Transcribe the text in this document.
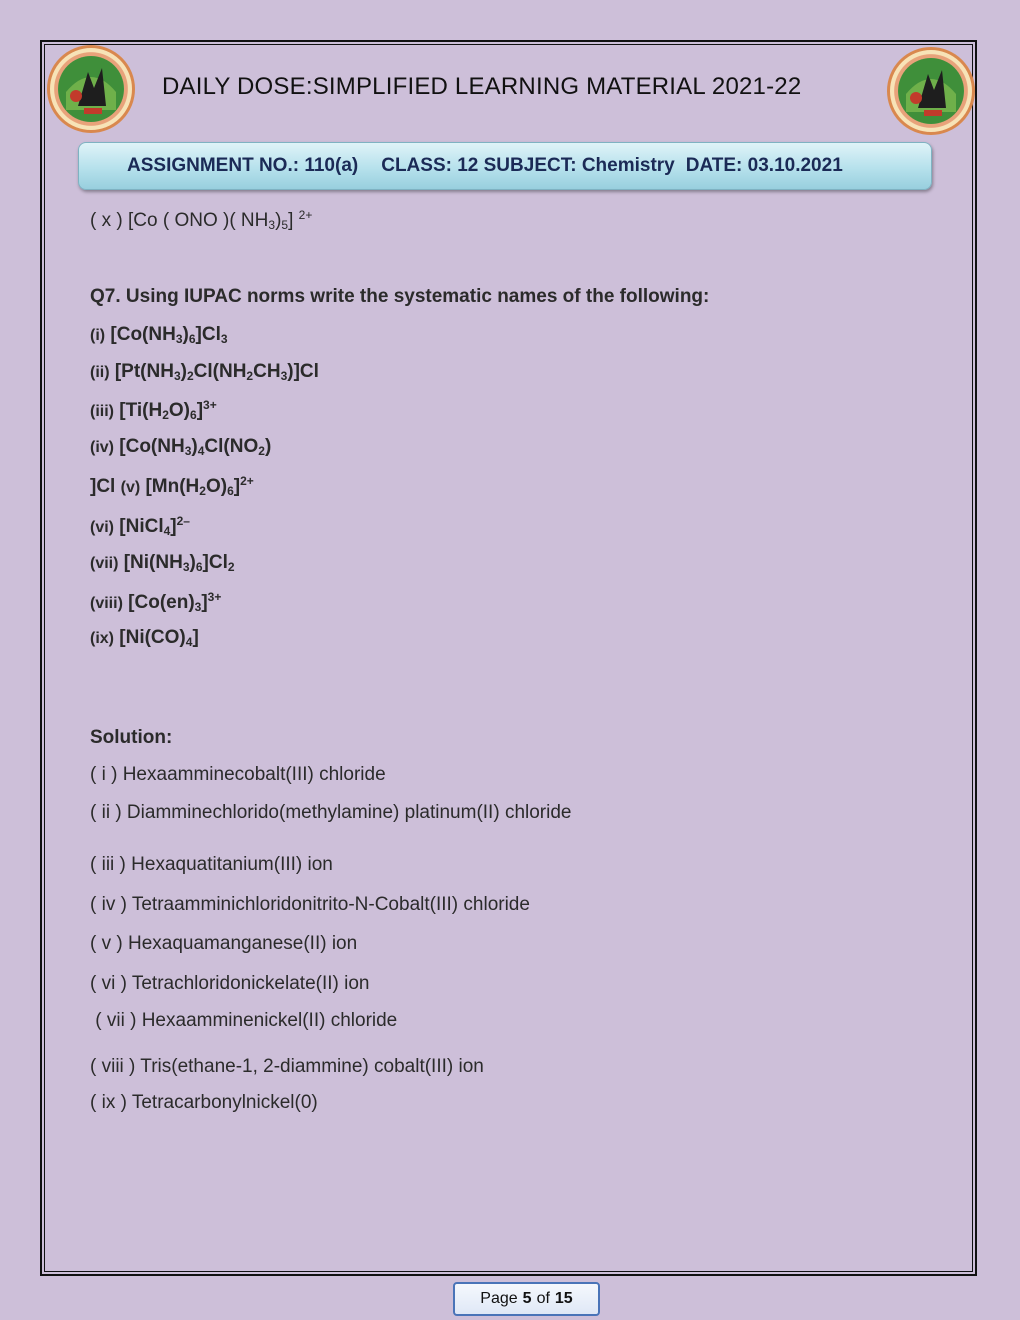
DAILY DOSE:SIMPLIFIED LEARNING MATERIAL 2021-22
ASSIGNMENT NO.: 110(a) CLASS: 12 SUBJECT: Chemistry DATE: 03.10.2021
( x ) [Co ( ONO )( $NH_3)_5$] $^{2+}$
Q7. Using IUPAC norms write the systematic names of the following:
(i) $[Co(NH_3)_6]Cl_3$
(ii) $[Pt(NH_3)_2Cl(NH_2CH_3)]Cl$
(iii) $[Ti(H_2O)_6]^{3+}$
(iv) [$Co(NH_3)_4Cl(NO_2)$
]Cl (v) $[Mn(H_2O)_6]^{2+}$
(vi) [NiCl$_4$]$^{2-}$
(vii) $[Ni(NH_3)_6]Cl_2$
(viii) $[Co(en)_3]^{3+}$
(ix) $[Ni(CO)_4]$
Solution:
( i ) Hexaamminecobalt(III) chloride
( ii ) Diamminechlorido(methylamine) platinum(II) chloride
( iii ) Hexaquatitanium(III) ion
( iv ) Tetraamminichloridonitrito-N-Cobalt(III) chloride
( v ) Hexaquamanganese(II) ion
( vi ) Tetrachloridonickelate(II) ion
( vii ) Hexaamminenickel(II) chloride
( viii ) Tris(ethane-1, 2-diammine) cobalt(III) ion
( ix ) Tetracarbonylnickel(0)
Page 5 of 15
